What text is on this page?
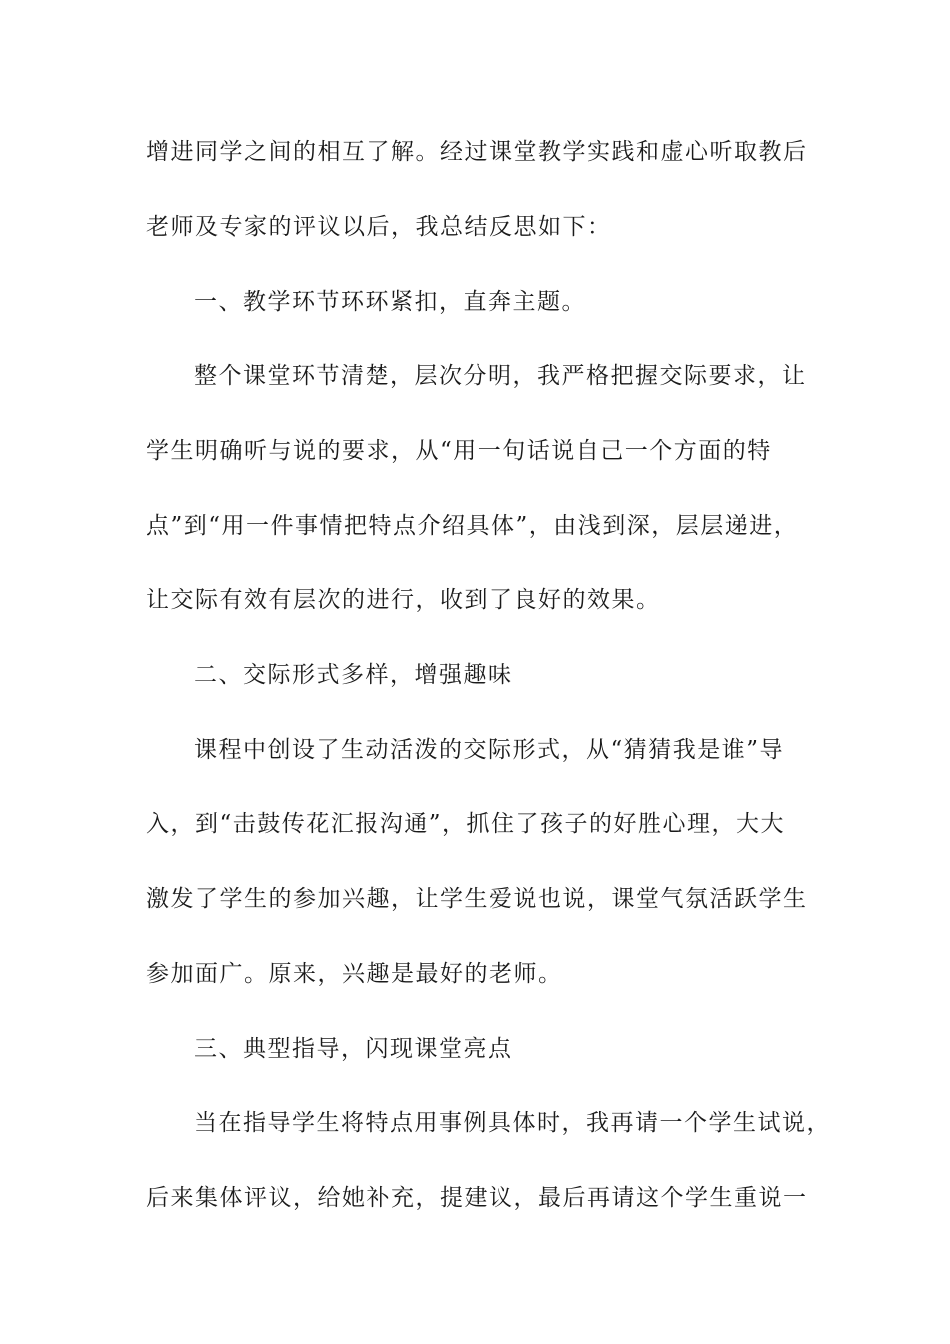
增进同学之间的相互了解。经过课堂教学实践和虚心听取教后
老师及专家的评议以后，我总结反思如下：
一、教学环节环环紧扣，直奔主题。
整个课堂环节清楚，层次分明，我严格把握交际要求，让
学生明确听与说的要求，从“用一句话说自己一个方面的特
点”到“用一件事情把特点介绍具体”，由浅到深，层层递进，
让交际有效有层次的进行，收到了良好的效果。
二、交际形式多样，增强趣味
课程中创设了生动活泼的交际形式，从“猜猜我是谁”导
入，到“击鼓传花汇报沟通”，抓住了孩子的好胜心理，大大
激发了学生的参加兴趣，让学生爱说也说，课堂气氛活跃学生
参加面广。原来，兴趣是最好的老师。
三、典型指导，闪现课堂亮点
当在指导学生将特点用事例具体时，我再请一个学生试说，
后来集体评议，给她补充，提建议，最后再请这个学生重说一
